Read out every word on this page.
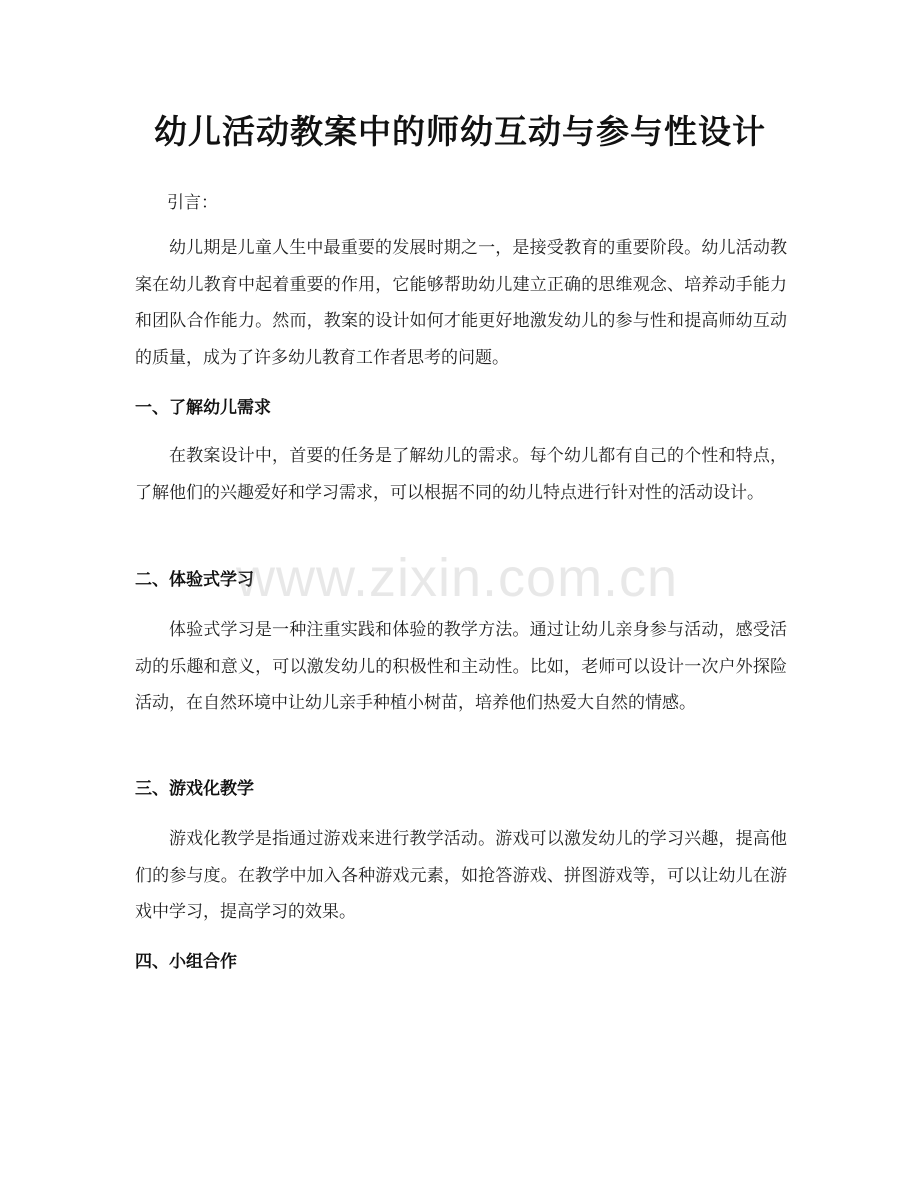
幼儿活动教案中的师幼互动与参与性设计

引言：

幼儿期是儿童人生中最重要的发展时期之一，是接受教育的重要阶段。幼儿活动教案在幼儿教育中起着重要的作用，它能够帮助幼儿建立正确的思维观念、培养动手能力和团队合作能力。然而，教案的设计如何才能更好地激发幼儿的参与性和提高师幼互动的质量，成为了许多幼儿教育工作者思考的问题。

一、了解幼儿需求

在教案设计中，首要的任务是了解幼儿的需求。每个幼儿都有自己的个性和特点，了解他们的兴趣爱好和学习需求，可以根据不同的幼儿特点进行针对性的活动设计。

二、体验式学习

体验式学习是一种注重实践和体验的教学方法。通过让幼儿亲身参与活动，感受活动的乐趣和意义，可以激发幼儿的积极性和主动性。比如，老师可以设计一次户外探险活动，在自然环境中让幼儿亲手种植小树苗，培养他们热爱大自然的情感。

三、游戏化教学

游戏化教学是指通过游戏来进行教学活动。游戏可以激发幼儿的学习兴趣，提高他们的参与度。在教学中加入各种游戏元素，如抢答游戏、拼图游戏等，可以让幼儿在游戏中学习，提高学习的效果。

四、小组合作
www.zixin.com.cn
